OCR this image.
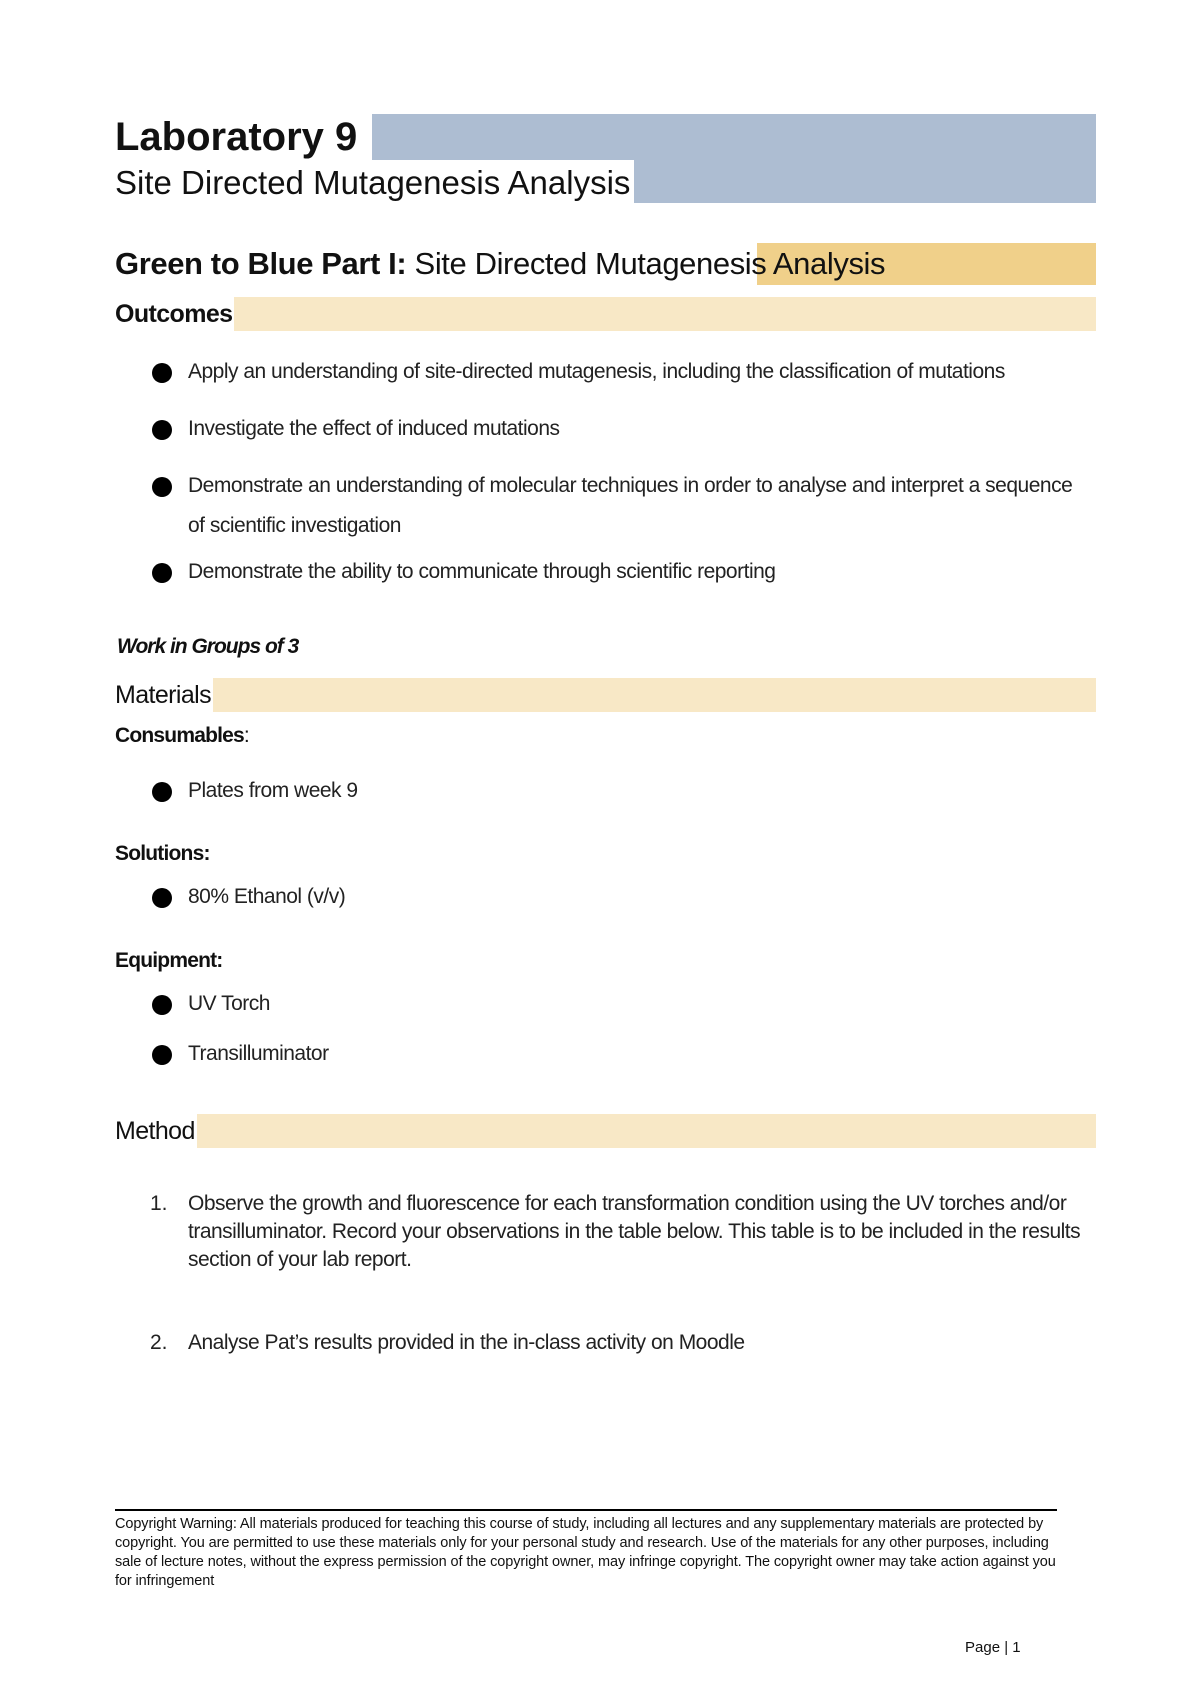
Laboratory 9
Site Directed Mutagenesis Analysis
Green to Blue Part I: Site Directed Mutagenesis Analysis
Outcomes
Apply an understanding of site-directed mutagenesis, including the classification of mutations
Investigate the effect of induced mutations
Demonstrate an understanding of molecular techniques in order to analyse and interpret a sequence of scientific investigation
Demonstrate the ability to communicate through scientific reporting
Work in Groups of 3
Materials
Consumables:
Plates from week 9
Solutions:
80% Ethanol (v/v)
Equipment:
UV Torch
Transilluminator
Method
1. Observe the growth and fluorescence for each transformation condition using the UV torches and/or transilluminator. Record your observations in the table below. This table is to be included in the results section of your lab report.
2. Analyse Pat’s results provided in the in-class activity on Moodle
Copyright Warning: All materials produced for teaching this course of study, including all lectures and any supplementary materials are protected by copyright. You are permitted to use these materials only for your personal study and research. Use of the materials for any other purposes, including sale of lecture notes, without the express permission of the copyright owner, may infringe copyright. The copyright owner may take action against you for infringement
Page | 1
